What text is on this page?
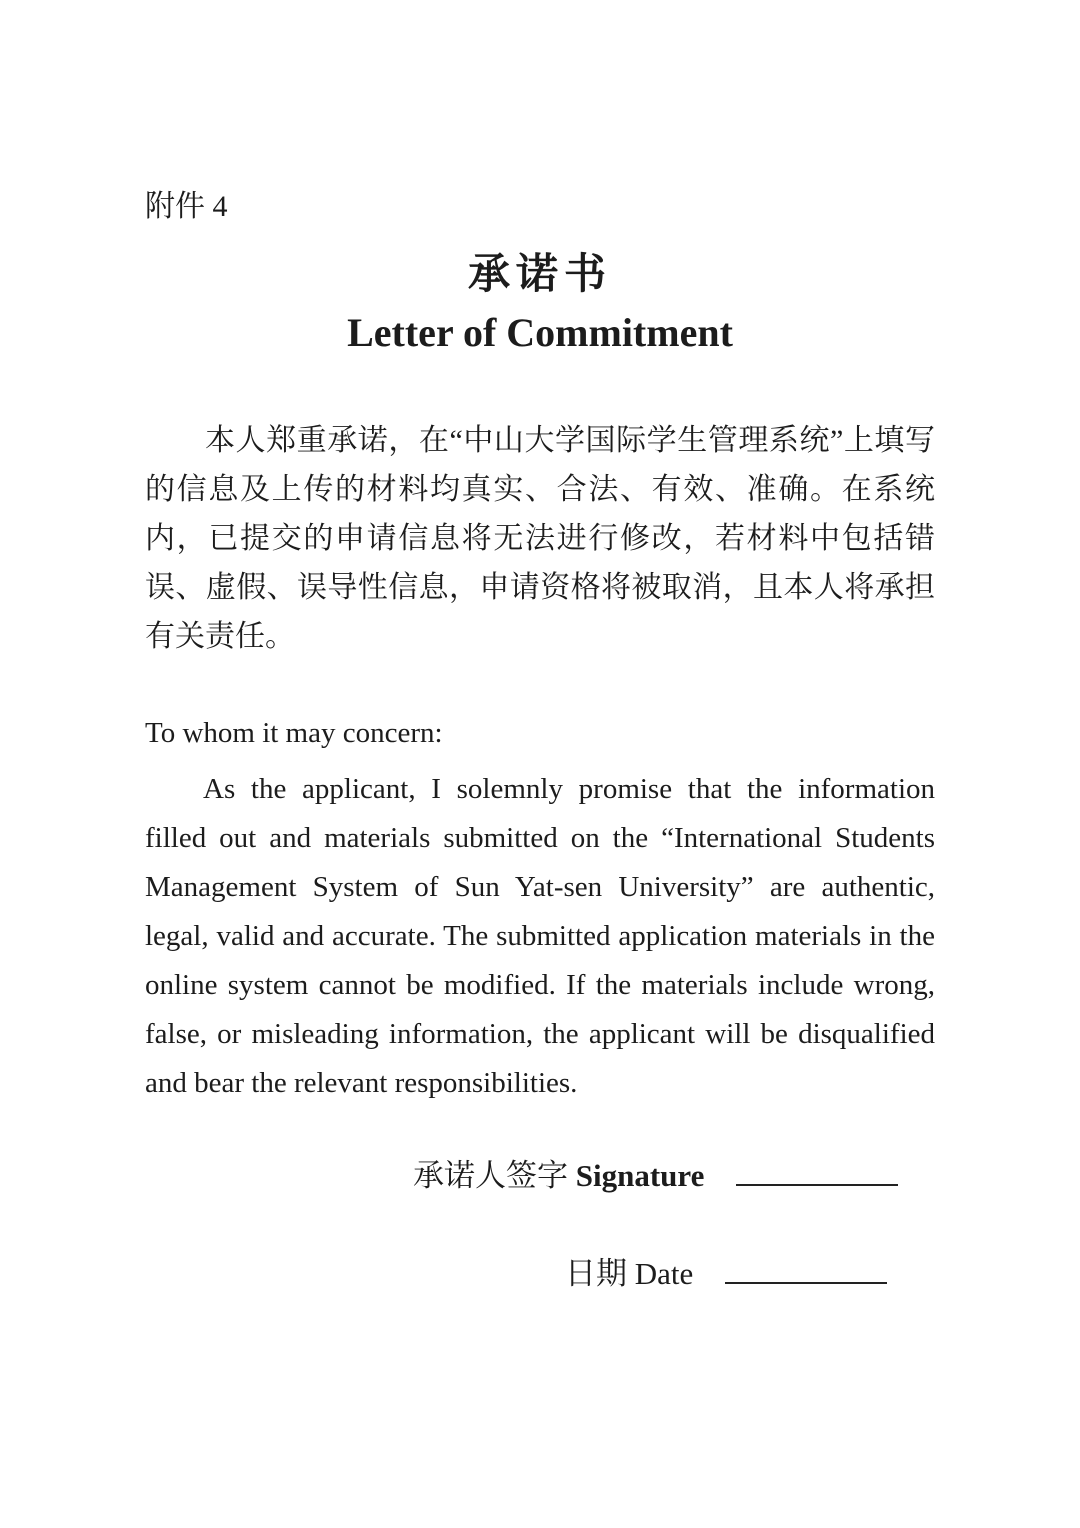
附件 4
承诺书
Letter of Commitment

本人郑重承诺，在“中山大学国际学生管理系统”上填写的信息及上传的材料均真实、合法、有效、准确。在系统内，已提交的申请信息将无法进行修改，若材料中包括错误、虚假、误导性信息，申请资格将被取消，且本人将承担有关责任。

To whom it may concern:

As the applicant, I solemnly promise that the information filled out and materials submitted on the “International Students Management System of Sun Yat-sen University” are authentic, legal, valid and accurate. The submitted application materials in the online system cannot be modified. If the materials include wrong, false, or misleading information, the applicant will be disqualified and bear the relevant responsibilities.

承诺人签字 Signature
日期 Date
